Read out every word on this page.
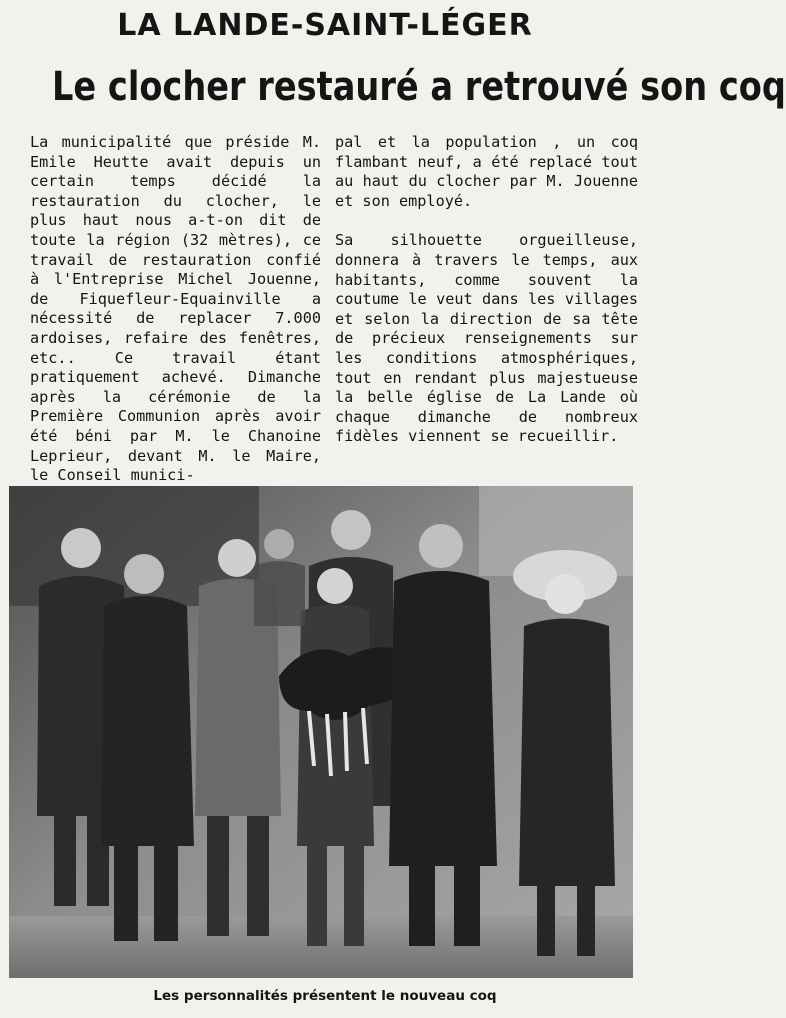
LA LANDE-SAINT-LÉGER
Le clocher restauré a retrouvé son coq

La municipalité que préside M. Emile Heutte avait depuis un certain temps décidé la restauration du clocher, le plus haut nous a-t-on dit de toute la région (32 mètres), ce travail de restauration confié à l'Entreprise Michel Jouenne, de Fiquefleur-Equainville a nécessité de replacer 7.000 ardoises, refaire des fenêtres, etc.. Ce travail étant pratiquement achevé. Dimanche après la cérémonie de la Première Communion après avoir été béni par M. le Chanoine Leprieur, devant M. le Maire, le Conseil munici-

pal et la population , un coq flambant neuf, a été replacé tout au haut du clocher par M. Jouenne et son employé.

Sa silhouette orgueilleuse, donnera à travers le temps, aux habitants, comme souvent la coutume le veut dans les villages et selon la direction de sa tête de précieux renseignements sur les conditions atmosphériques, tout en rendant plus majestueuse la belle église de La Lande où chaque dimanche de nombreux fidèles viennent se recueillir.

Les personnalités présentent le nouveau coq
